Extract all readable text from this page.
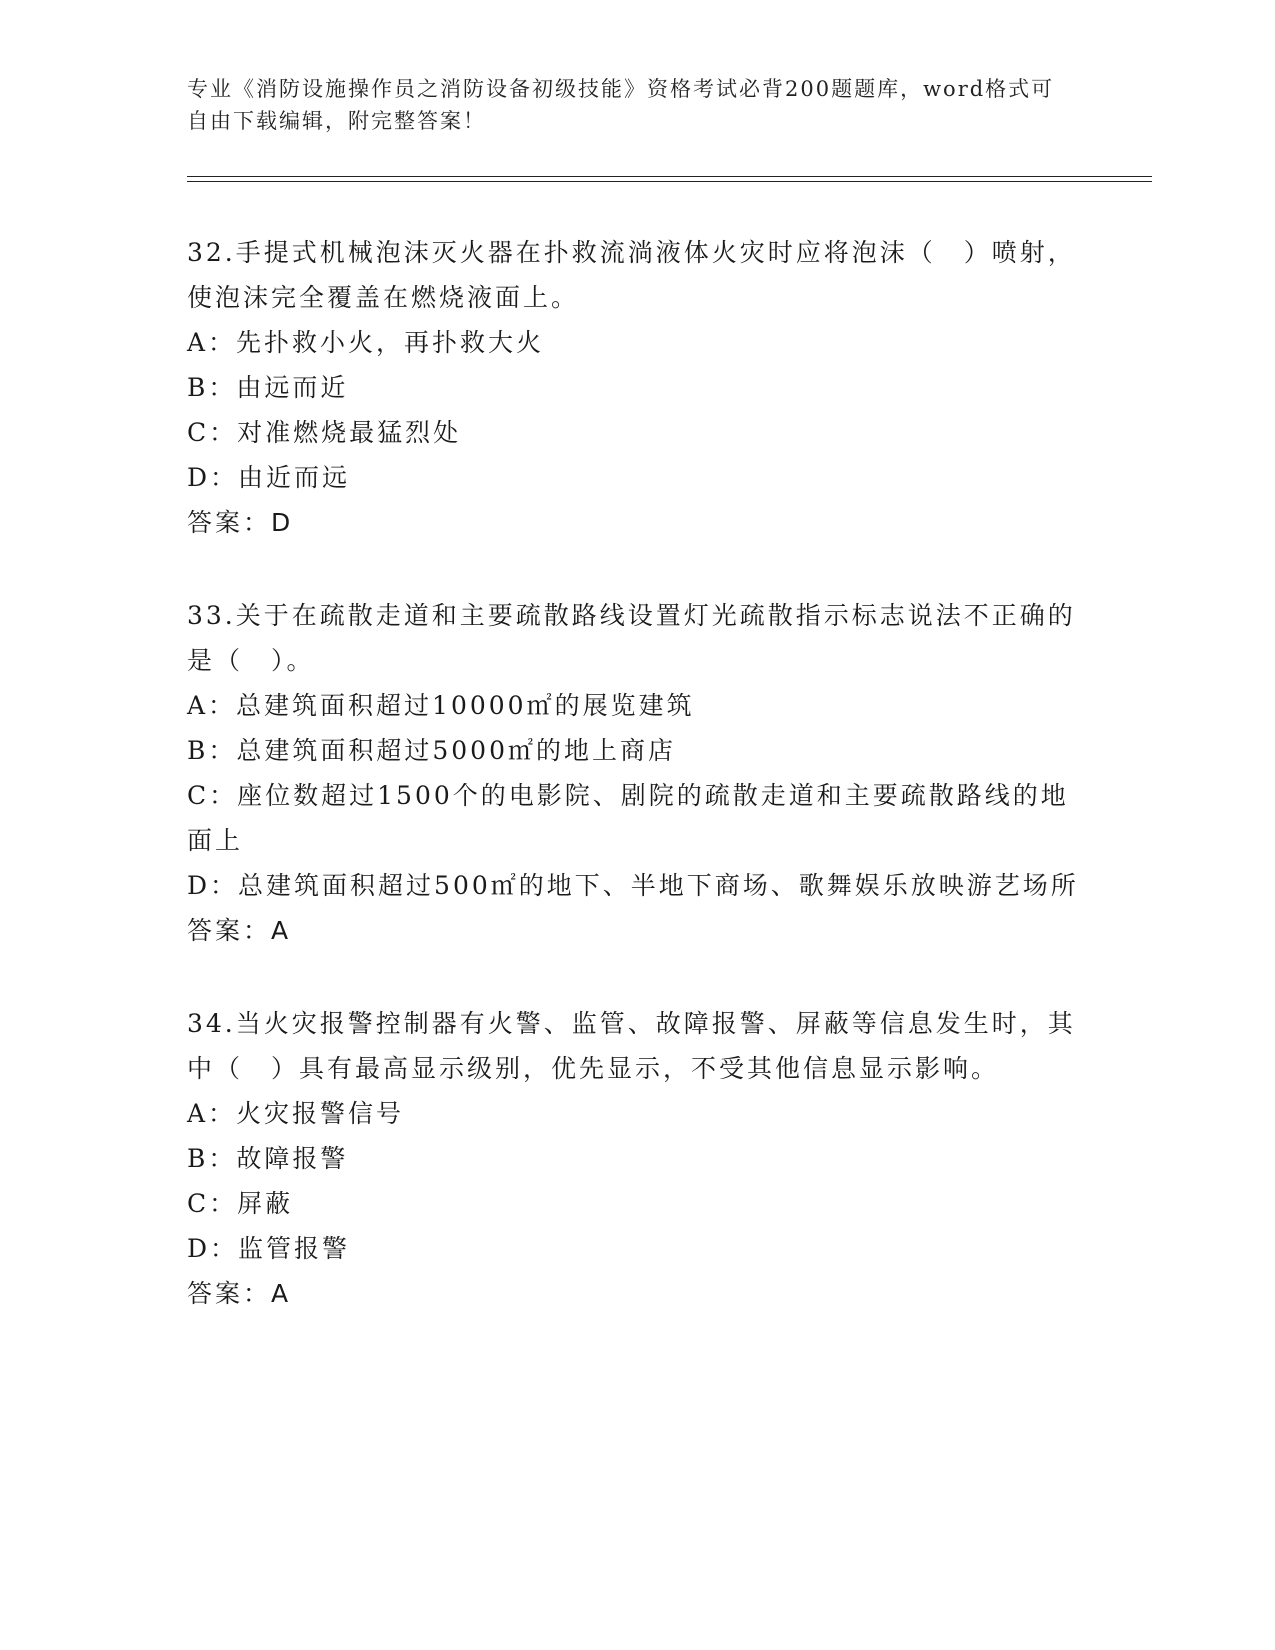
专业《消防设施操作员之消防设备初级技能》资格考试必背200题题库，word格式可自由下载编辑，附完整答案！

32.手提式机械泡沫灭火器在扑救流淌液体火灾时应将泡沫（　）喷射，使泡沫完全覆盖在燃烧液面上。

A：先扑救小火，再扑救大火
B：由远而近
C：对准燃烧最猛烈处
D：由近而远

答案：D

33.关于在疏散走道和主要疏散路线设置灯光疏散指示标志说法不正确的是（　）。

A：总建筑面积超过10000㎡的展览建筑
B：总建筑面积超过5000㎡的地上商店
C：座位数超过1500个的电影院、剧院的疏散走道和主要疏散路线的地面上
D：总建筑面积超过500㎡的地下、半地下商场、歌舞娱乐放映游艺场所

答案：A

34.当火灾报警控制器有火警、监管、故障报警、屏蔽等信息发生时，其中（　）具有最高显示级别，优先显示，不受其他信息显示影响。

A：火灾报警信号
B：故障报警
C：屏蔽
D：监管报警

答案：A
